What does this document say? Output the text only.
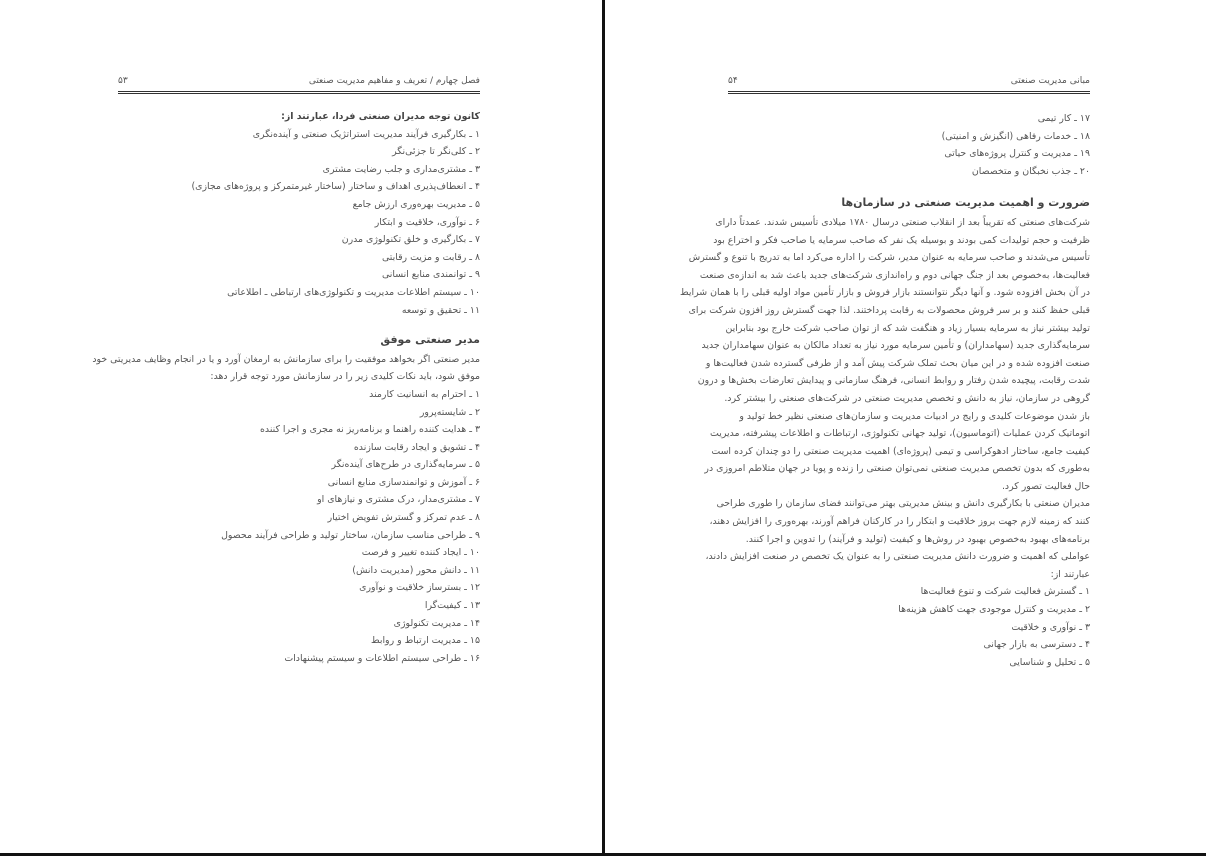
فصل چهارم / تعریف و مفاهیم مدیریت صنعتی
۵۳
کانون توجه مدیران صنعتی فردا، عبارتند از:
۱ ـ بکارگیری فرآیند مدیریت استراتژیک صنعتی و آینده‌نگری
۲ ـ کلی‌نگر تا جزئی‌نگر
۳ ـ مشتری‌مداری و جلب رضایت مشتری
۴ ـ انعطاف‌پذیری اهداف و ساختار (ساختار غیرمتمرکز و پروژه‌های مجازی)
۵ ـ مدیریت بهره‌وری ارزش جامع
۶ ـ نوآوری، خلاقیت و ابتکار
۷ ـ بکارگیری و خلق تکنولوژی مدرن
۸ ـ رقابت و مزیت رقابتی
۹ ـ توانمندی منابع انسانی
۱۰ ـ سیستم اطلاعات مدیریت و تکنولوژی‌های ارتباطی ـ اطلاعاتی
۱۱ ـ تحقیق و توسعه
مدیر صنعتی موفق
مدیر صنعتی اگر بخواهد موفقیت را برای سازمانش به ارمغان آورد و یا در انجام وظایف مدیریتی خود
موفق شود، باید نکات کلیدی زیر را در سازمانش مورد توجه قرار دهد:
۱ ـ احترام به انسانیت کارمند
۲ ـ شایسته‌پرور
۳ ـ هدایت کننده راهنما و برنامه‌ریز نه مجری و اجرا کننده
۴ ـ تشویق و ایجاد رقابت سازنده
۵ ـ سرمایه‌گذاری در طرح‌های آینده‌نگر
۶ ـ آموزش و توانمندسازی منابع انسانی
۷ ـ مشتری‌مدار، درک مشتری و نیازهای او
۸ ـ عدم تمرکز و گسترش تفویض اختیار
۹ ـ طراحی مناسب سازمان، ساختار تولید و طراحی فرآیند محصول
۱۰ ـ ایجاد کننده تغییر و فرصت
۱۱ ـ دانش محور (مدیریت دانش)
۱۲ ـ بسترساز خلاقیت و نوآوری
۱۳ ـ کیفیت‌گرا
۱۴ ـ مدیریت تکنولوژی
۱۵ ـ مدیریت ارتباط و روابط
۱۶ ـ طراحی سیستم اطلاعات و سیستم پیشنهادات
مبانی مدیریت صنعتی
۵۴
۱۷ ـ کار تیمی
۱۸ ـ خدمات رفاهی (انگیزش و امنیتی)
۱۹ ـ مدیریت و کنترل پروژه‌های حیاتی
۲۰ ـ جذب نخبگان و متخصصان
ضرورت و اهمیت مدیریت صنعتی در سازمان‌ها
شرکت‌های صنعتی که تقریباً بعد از انقلاب صنعتی درسال ۱۷۸۰ میلادی تأسیس شدند. عمدتاً دارای
ظرفیت و حجم تولیدات کمی بودند و بوسیله یک نفر که صاحب سرمایه یا صاحب فکر و اختراع بود
تأسیس می‌شدند و صاحب سرمایه به عنوان مدیر، شرکت را اداره می‌کرد اما به تدریج با تنوع و گسترش
فعالیت‌ها، به‌خصوص بعد از جنگ جهانی دوم و راه‌اندازی شرکت‌های جدید باعث شد به اندازه‌ی صنعت
در آن بخش افزوده شود. و آنها دیگر نتوانستند بازار فروش و بازار تأمین مواد اولیه قبلی را با همان شرایط
قبلی حفظ کنند و بر سر فروش محصولات به رقابت پرداختند. لذا جهت گسترش روز افزون شرکت برای
تولید بیشتر نیاز به سرمایه بسیار زیاد و هنگفت شد که از توان صاحب شرکت خارج بود بنابراین
سرمایه‌گذاری جدید (سهامداران) و تأمین سرمایه مورد نیاز به تعداد مالکان به عنوان سهامداران جدید
صنعت افزوده شده و در این میان بحث تملک شرکت پیش آمد و از طرفی گسترده شدن فعالیت‌ها و
شدت رقابت، پیچیده شدن رفتار و روابط انسانی، فرهنگ سازمانی و پیدایش تعارضات بخش‌ها و درون
گروهی در سازمان، نیاز به دانش و تخصص مدیریت صنعتی در شرکت‌های صنعتی را بیشتر کرد.
باز شدن موضوعات کلیدی و رایج در ادبیات مدیریت و سازمان‌های صنعتی نظیر خط تولید و
اتوماتیک کردن عملیات (اتوماسیون)، تولید جهانی تکنولوژی، ارتباطات و اطلاعات پیشرفته، مدیریت
کیفیت جامع، ساختار ادهوکراسی و تیمی (پروژه‌ای) اهمیت مدیریت صنعتی را دو چندان کرده است
به‌طوری که بدون تخصص مدیریت صنعتی نمی‌توان صنعتی را زنده و پویا در جهان متلاطم امروزی در
حال فعالیت تصور کرد.
مدیران صنعتی با بکارگیری دانش و بینش مدیریتی بهتر می‌توانند فضای سازمان را طوری طراحی
کنند که زمینه لازم جهت بروز خلاقیت و ابتکار را در کارکنان فراهم آورند، بهره‌وری را افزایش دهند،
برنامه‌های بهبود به‌خصوص بهبود در روش‌ها و کیفیت (تولید و فرآیند) را تدوین و اجرا کنند.
عواملی که اهمیت و ضرورت دانش مدیریت صنعتی را به عنوان یک تخصص در صنعت افزایش دادند،
عبارتند از:
۱ ـ گسترش فعالیت شرکت و تنوع فعالیت‌ها
۲ ـ مدیریت و کنترل موجودی جهت کاهش هزینه‌ها
۳ ـ نوآوری و خلاقیت
۴ ـ دسترسی به بازار جهانی
۵ ـ تحلیل و شناسایی
